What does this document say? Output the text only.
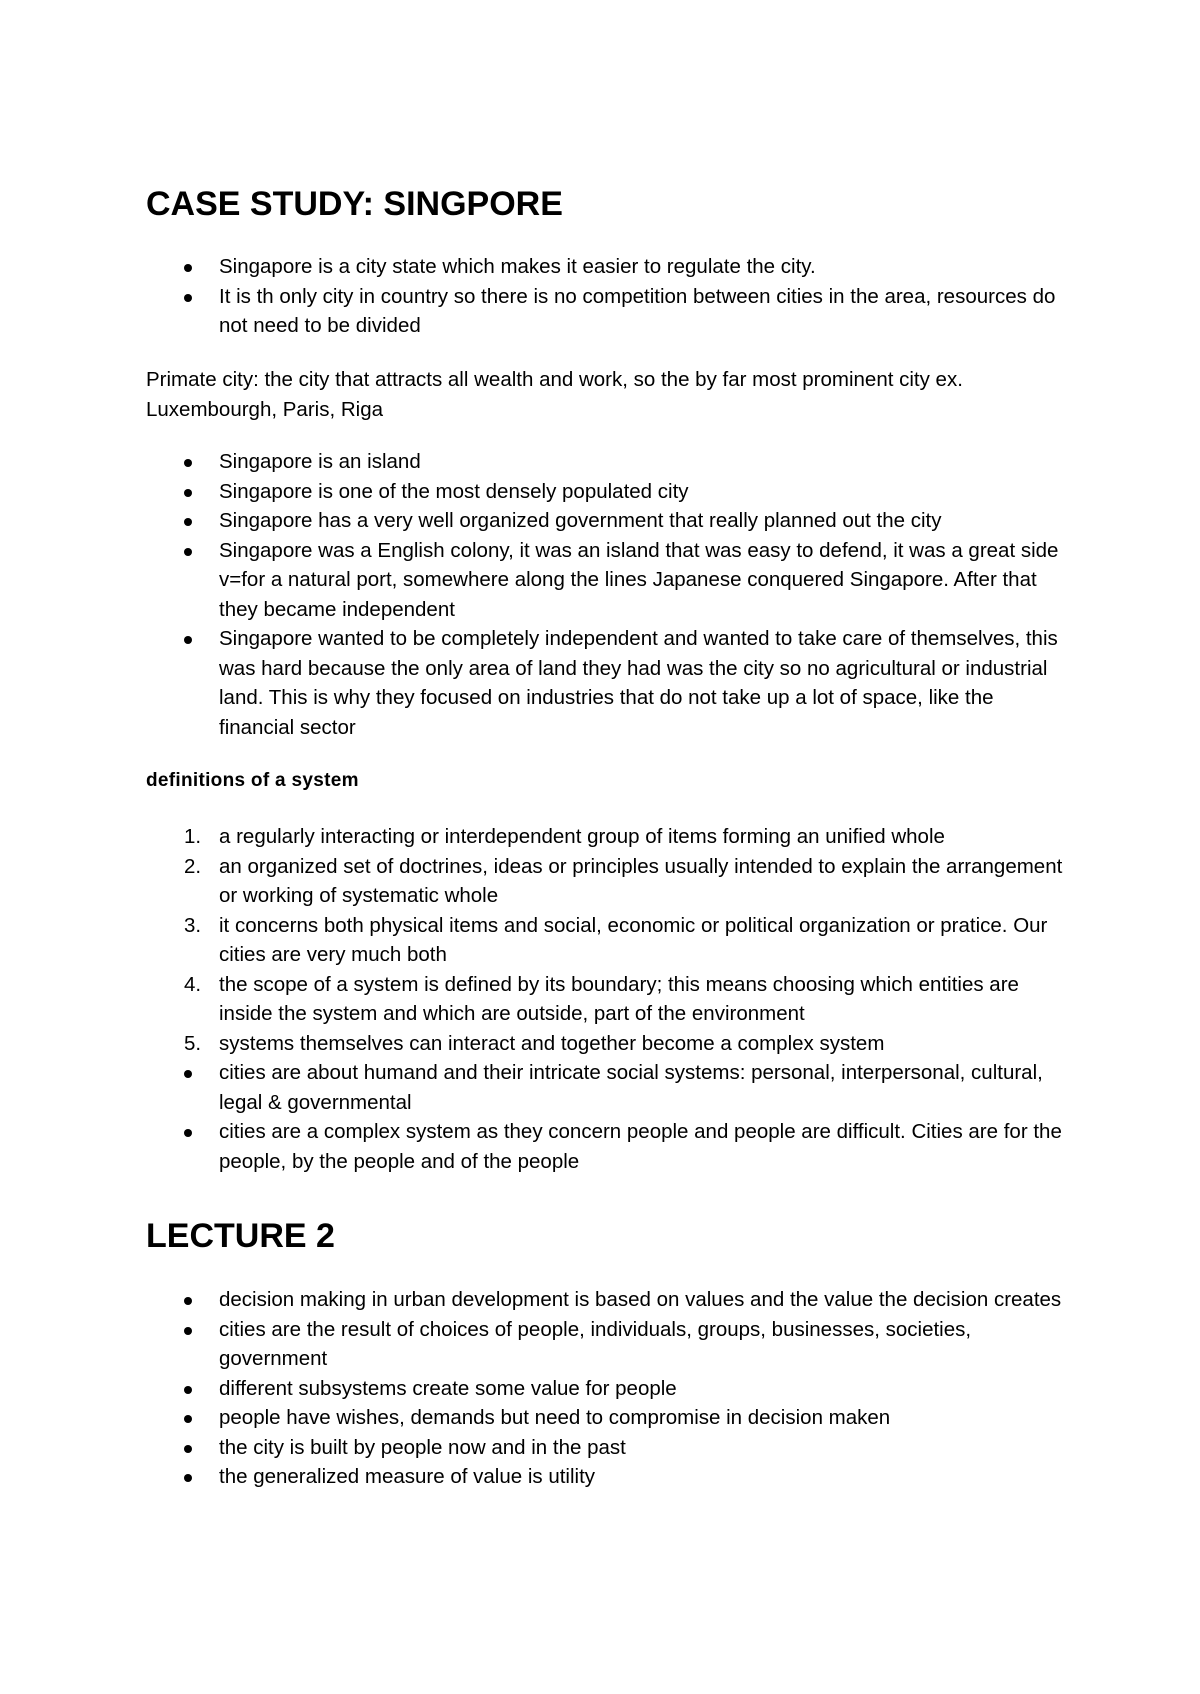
CASE STUDY: SINGPORE
Singapore is a city state which makes it easier to regulate the city.
It is th only city in country so there is no competition between cities in the area, resources do not need to be divided
Primate city: the city that attracts all wealth and work, so the by far most prominent city ex. Luxembourgh, Paris, Riga
Singapore is an island
Singapore is one of the most densely populated city
Singapore has a very well organized government that really planned out the city
Singapore was a English colony, it was an island that was easy to defend, it was a great side v=for a natural port, somewhere along the lines Japanese conquered Singapore. After that they became independent
Singapore wanted to be completely independent and wanted to take care of themselves, this was hard because the only area of land they had was the city so no agricultural or industrial land. This is why they focused on industries that do not take up a lot of space, like the financial sector
definitions of a system
1. a regularly interacting or interdependent group of items forming an unified whole
2. an organized set of doctrines, ideas or principles usually intended to explain the arrangement or working of systematic whole
3. it concerns both physical items and social, economic or political organization or pratice. Our cities are very much both
4. the scope of a system is defined by its boundary; this means choosing which entities are inside the system and which are outside, part of the environment
5. systems themselves can interact and together become a complex system
cities are about humand and their intricate social systems: personal, interpersonal, cultural, legal & governmental
cities are a complex system as they concern people and people are difficult. Cities are for the people, by the people and of the people
LECTURE 2
decision making in urban development is based on values and the value the decision creates
cities are the result of choices of people, individuals, groups, businesses, societies, government
different subsystems create some value for people
people have wishes, demands but need to compromise in decision maken
the city is built by people now and in the past
the generalized measure of value is utility
